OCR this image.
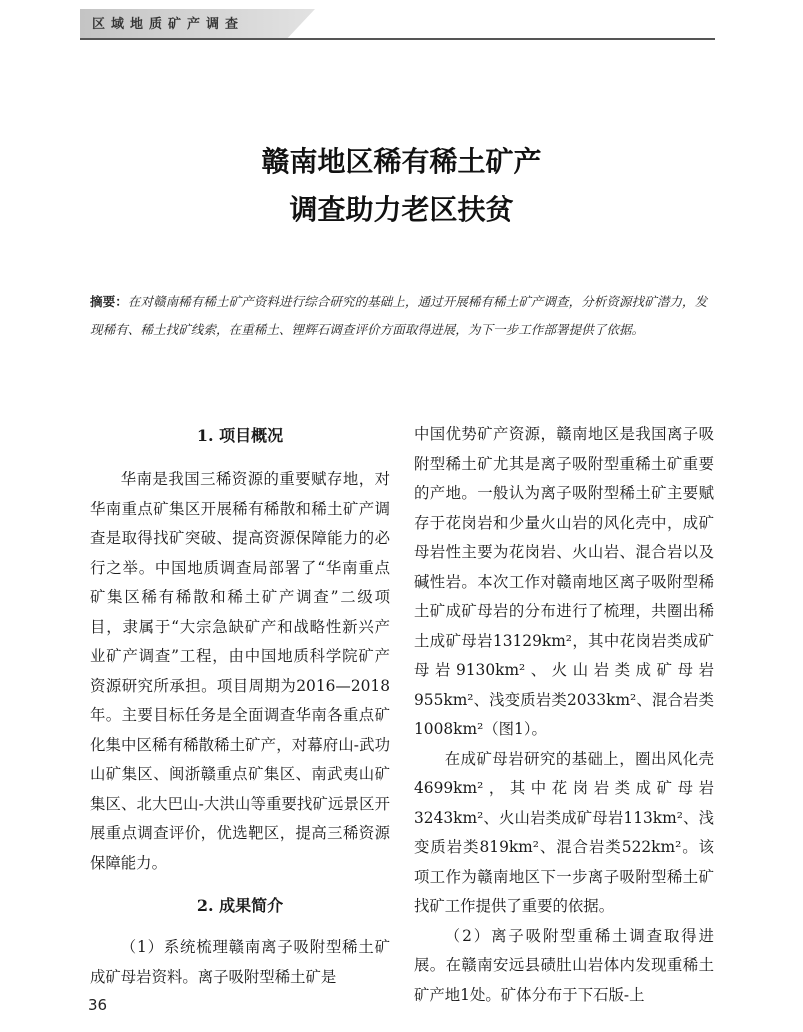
区域地质矿产调查
赣南地区稀有稀土矿产
调查助力老区扶贫
摘要：在对赣南稀有稀土矿产资料进行综合研究的基础上，通过开展稀有稀土矿产调查，分析资源找矿潜力，发现稀有、稀土找矿线索，在重稀土、锂辉石调查评价方面取得进展，为下一步工作部署提供了依据。
1. 项目概况

华南是我国三稀资源的重要赋存地，对华南重点矿集区开展稀有稀散和稀土矿产调查是取得找矿突破、提高资源保障能力的必行之举。中国地质调查局部署了“华南重点矿集区稀有稀散和稀土矿产调查”二级项目，隶属于“大宗急缺矿产和战略性新兴产业矿产调查”工程，由中国地质科学院矿产资源研究所承担。项目周期为2016—2018年。主要目标任务是全面调查华南各重点矿化集中区稀有稀散稀土矿产，对幕府山-武功山矿集区、闽浙赣重点矿集区、南武夷山矿集区、北大巴山-大洪山等重要找矿远景区开展重点调查评价，优选靶区，提高三稀资源保障能力。

2. 成果简介

（1）系统梳理赣南离子吸附型稀土矿成矿母岩资料。离子吸附型稀土矿是

中国优势矿产资源，赣南地区是我国离子吸附型稀土矿尤其是离子吸附型重稀土矿重要的产地。一般认为离子吸附型稀土矿主要赋存于花岗岩和少量火山岩的风化壳中，成矿母岩性主要为花岗岩、火山岩、混合岩以及碱性岩。本次工作对赣南地区离子吸附型稀土矿成矿母岩的分布进行了梳理，共圈出稀土成矿母岩13129km²，其中花岗岩类成矿母岩9130km²、火山岩类成矿母岩955km²、浅变质岩类2033km²、混合岩类1008km²（图1）。

在成矿母岩研究的基础上，圈出风化壳4699km²，其中花岗岩类成矿母岩3243km²、火山岩类成矿母岩113km²、浅变质岩类819km²、混合岩类522km²。该项工作为赣南地区下一步离子吸附型稀土矿找矿工作提供了重要的依据。

（2）离子吸附型重稀土调查取得进展。在赣南安远县碛肚山岩体内发现重稀土矿产地1处。矿体分布于下石版-上

36
